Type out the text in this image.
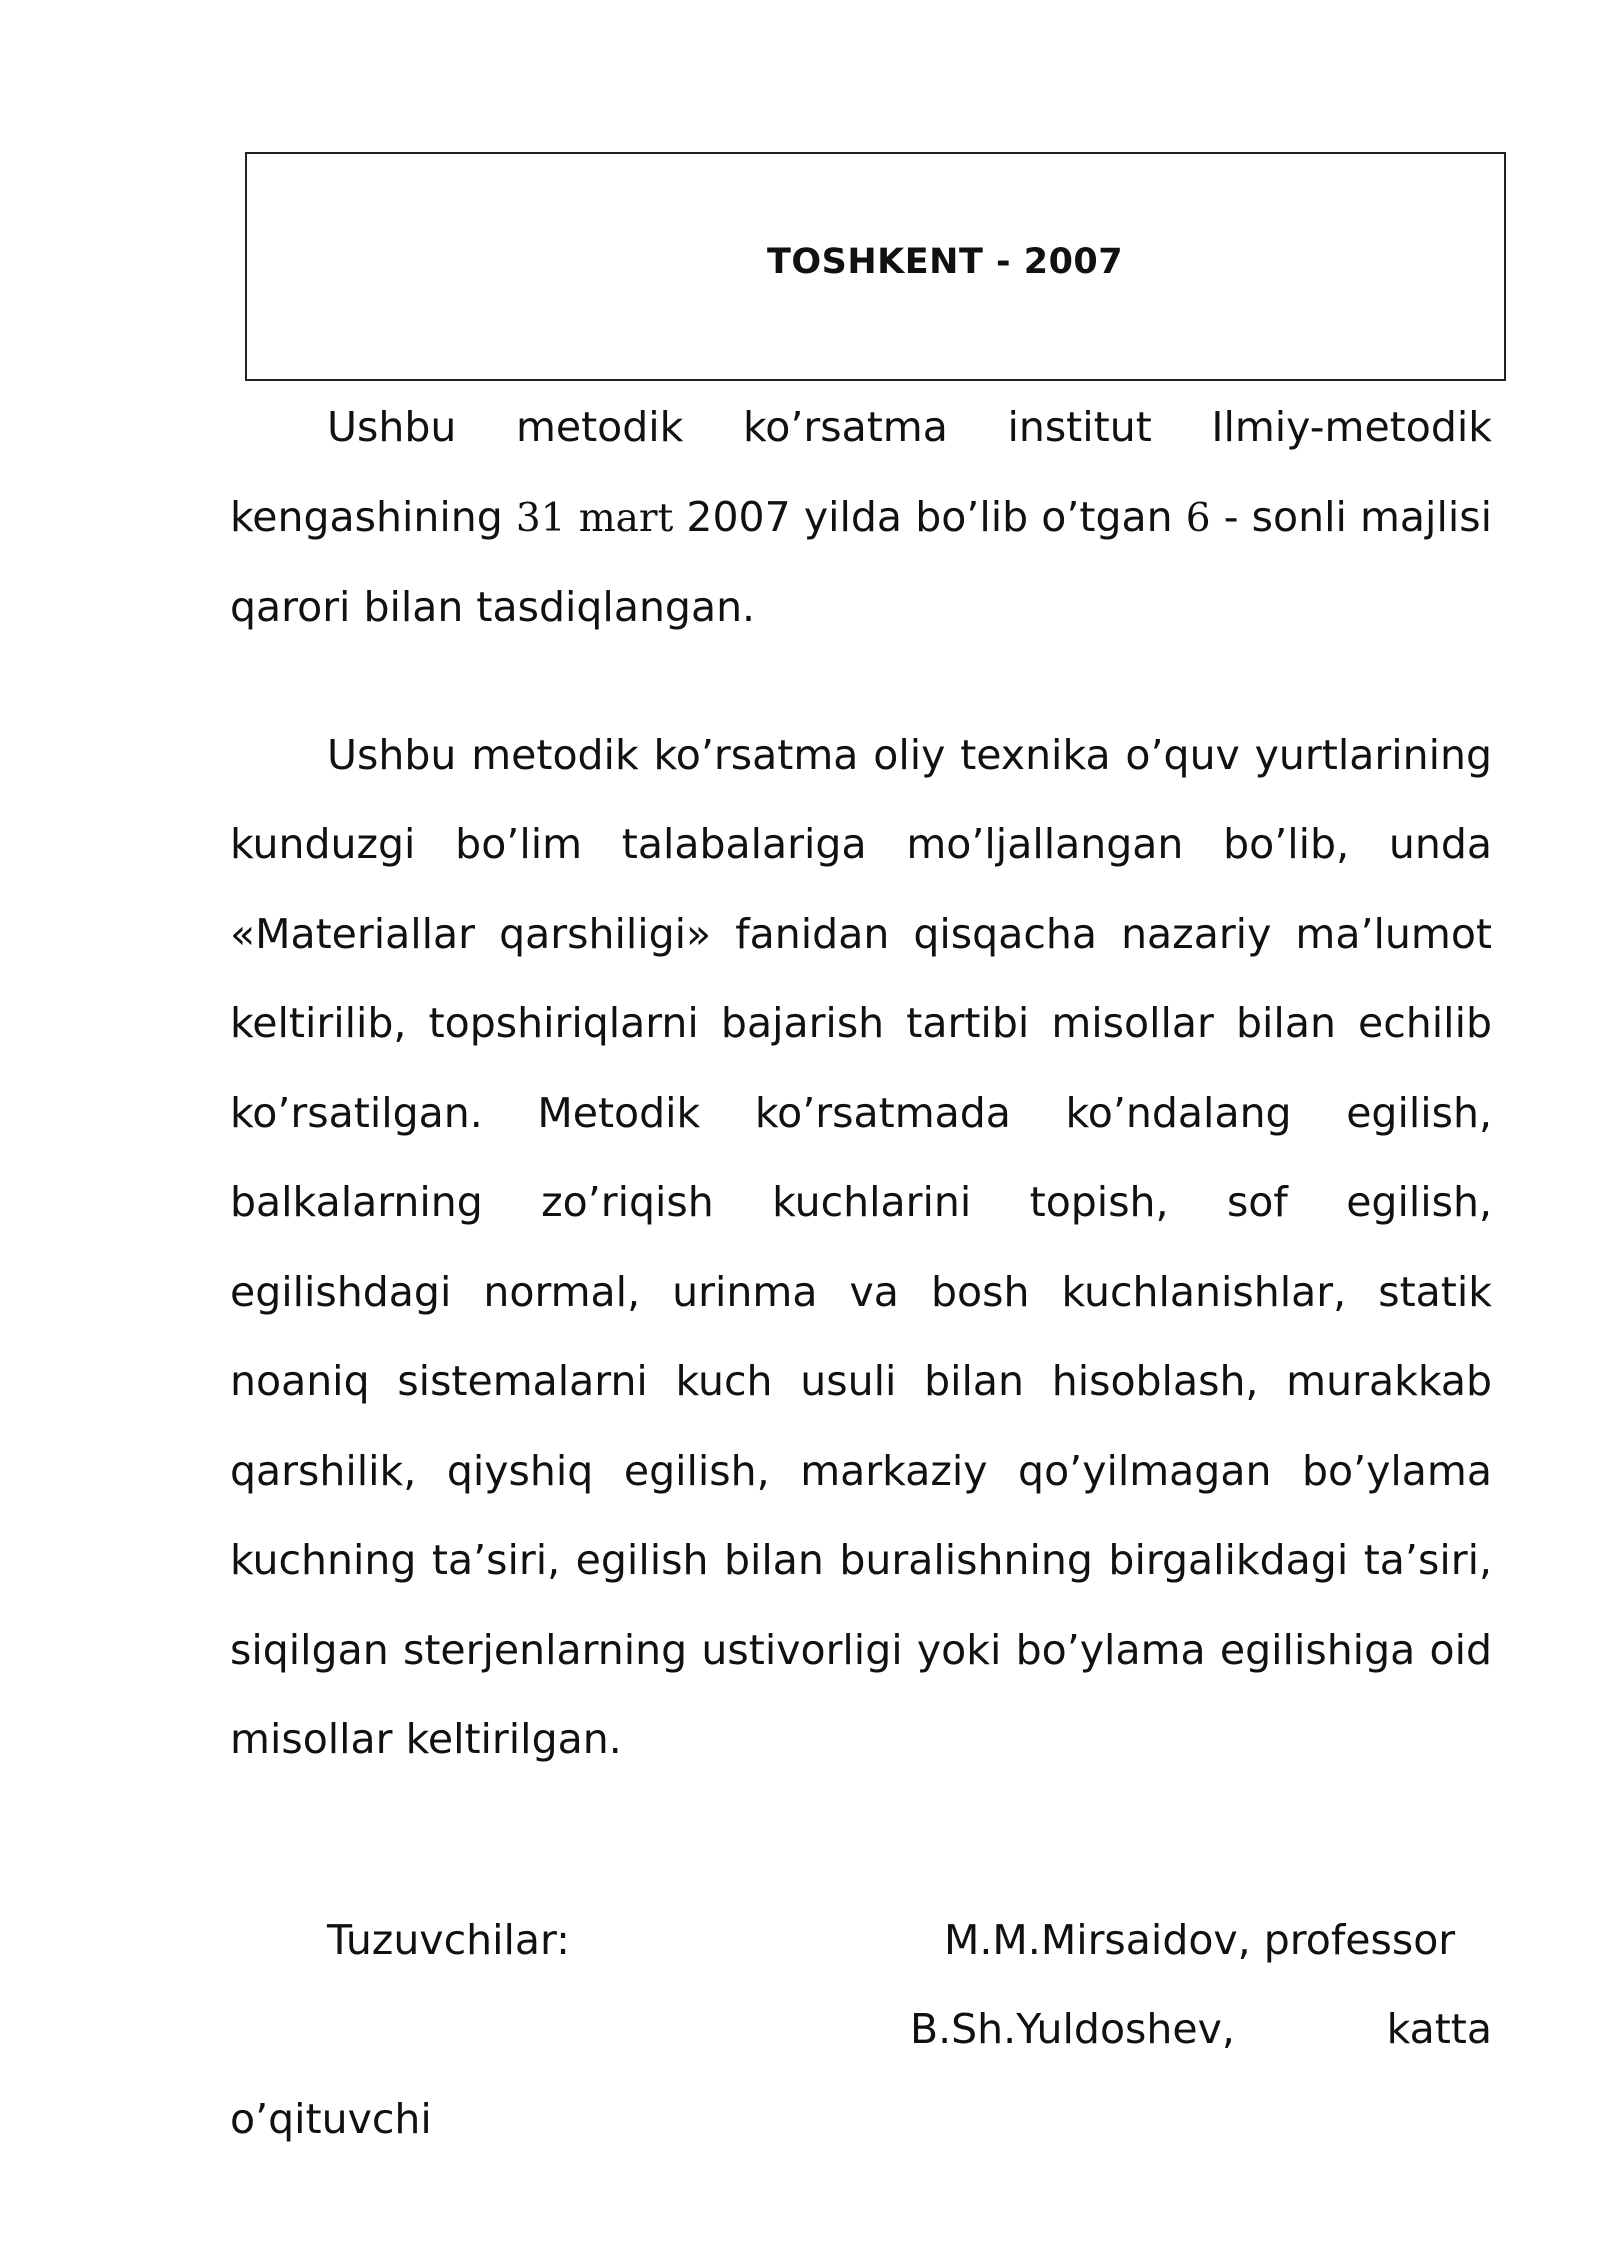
TOSHKENT - 2007

Ushbu metodik ko’rsatma institut Ilmiy-metodik kengashining 31 mart 2007 yilda bo’lib o’tgan 6 - sonli majlisi qarori bilan tasdiqlangan.

Ushbu metodik ko’rsatma oliy texnika o’quv yurtlarining kunduzgi bo’lim talabalariga mo’ljallangan bo’lib, unda «Materiallar qarshiligi» fanidan qisqacha nazariy ma’lumot keltirilib, topshiriqlarni bajarish tartibi misollar bilan echilib ko’rsatilgan. Metodik ko’rsatmada ko’ndalang egilish, balkalarning zo’riqish kuchlarini topish, sof egilish, egilishdagi normal, urinma va bosh kuchlanishlar, statik noaniq sistemalarni kuch usuli bilan hisoblash, murakkab qarshilik, qiyshiq egilish, markaziy qo’yilmagan bo’ylama kuchning ta’siri, egilish bilan buralishning birgalikdagi ta’siri, siqilgan sterjenlarning ustivorligi yoki bo’ylama egilishiga oid misollar keltirilgan.

Tuzuvchilar:	M.M.Mirsaidov, professor
B.Sh.Yuldoshev,	katta

o’qituvchi
